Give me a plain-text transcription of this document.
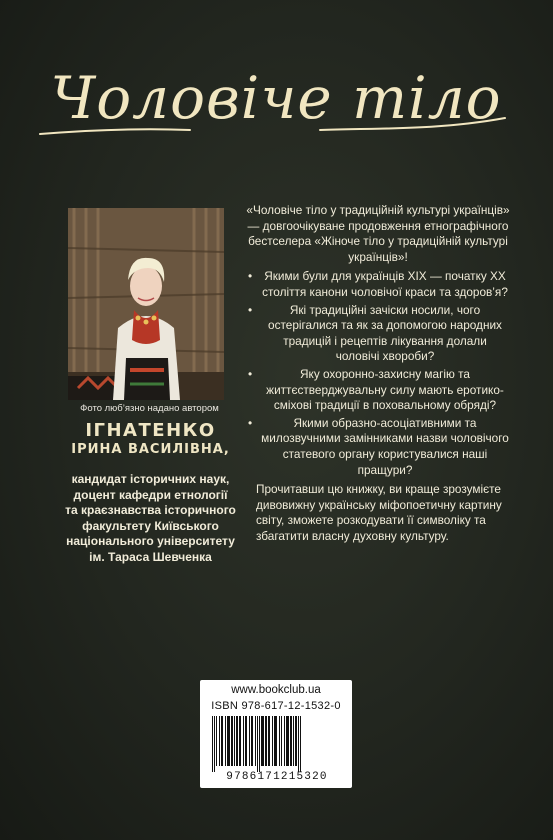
Чоловіче тіло
Фото люб’язно надано автором
ІГНАТЕНКО
ІРИНА ВАСИЛІВНА,
кандидат історичних наук,
доцент кафедри етнології
та краєзнавства історичного
факультету Київського
національного університету
ім. Тараса Шевченка
«Чоловіче тіло у традиційній культурі українців» — довгоочікуване продовження етнографічного бестселера «Жіноче тіло у традиційній культурі українців»!
• Якими були для українців XIX — початку XX століття канони чоловічої краси та здоров’я?
• Які традиційні зачіски носили, чого остерігалися та як за допомогою народних традицій і рецептів лікування долали чоловічі хвороби?
• Яку охоронно-захисну магію та життєстверджувальну силу мають еротико-сміхові традиції в поховальному обряді?
• Якими образно-асоціативними та милозвучними замінниками назви чоловічого статевого органу користувалися наші пращури?
Прочитавши цю книжку, ви краще зрозумієте дивовижну українську міфопоетичну картину світу, зможете розкодувати її символіку та збагатити власну духовну культуру.
www.bookclub.ua
ISBN 978-617-12-1532-0
9786171215320
